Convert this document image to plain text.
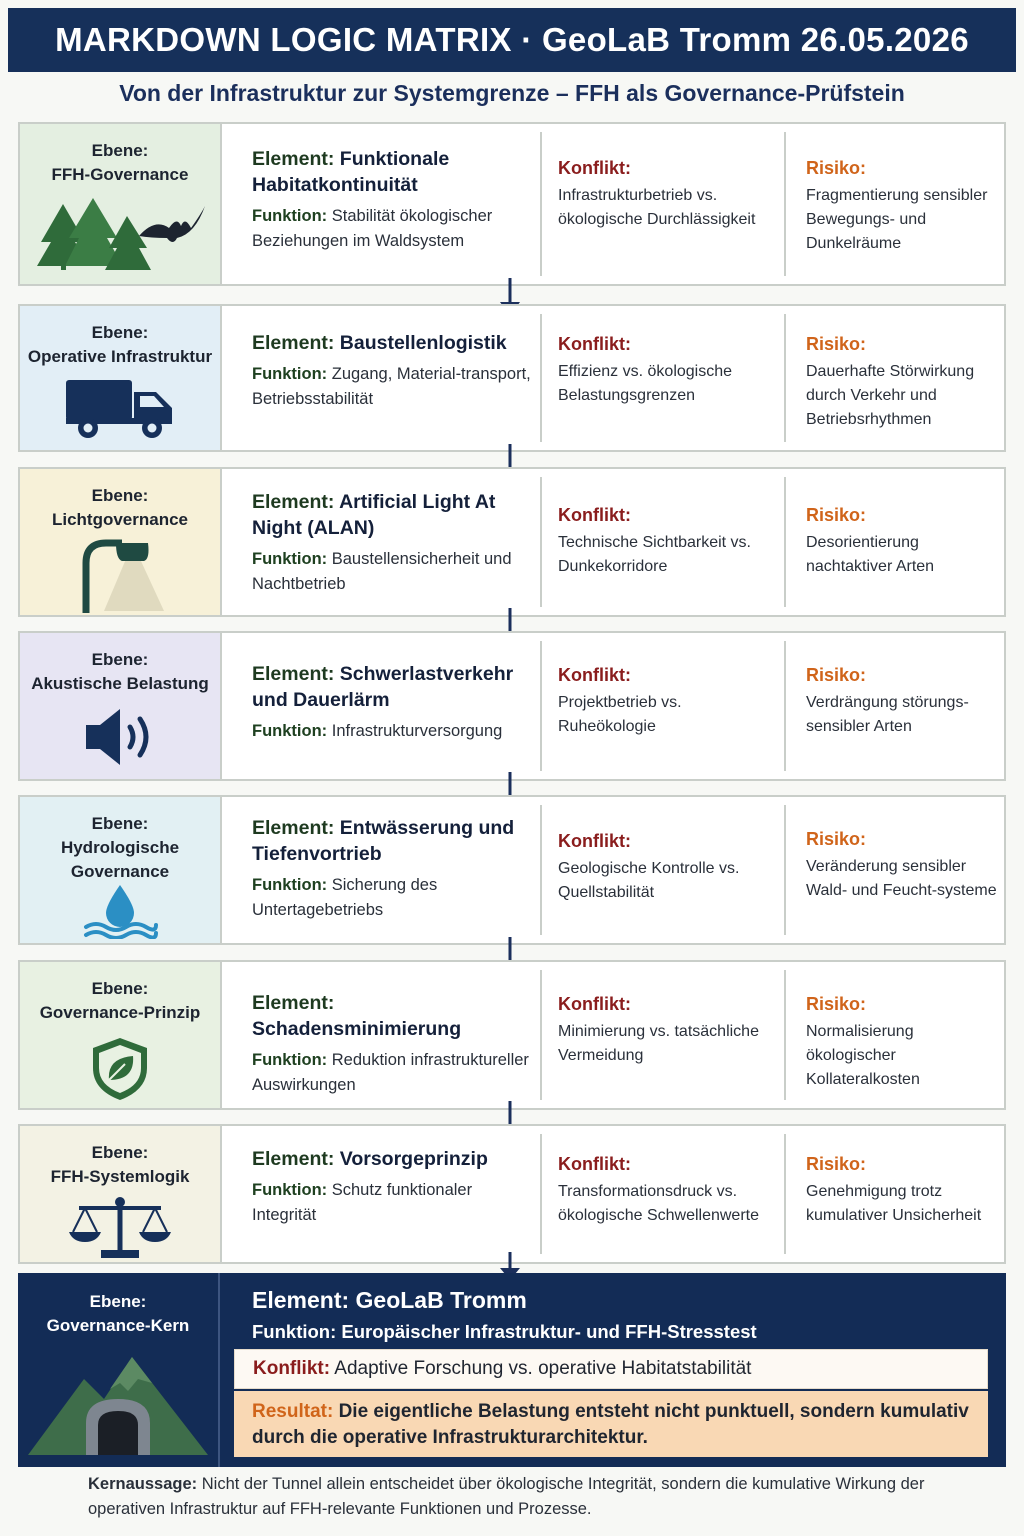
MARKDOWN LOGIC MATRIX · GeoLaB Tromm 26.05.2026
Von der Infrastruktur zur Systemgrenze – FFH als Governance-Prüfstein
Ebene:
FFH-Governance
Element: Funktionale Habitatkontinuität
Funktion: Stabilität ökologischer Beziehungen im Waldsystem
Konflikt:
Infrastrukturbetrieb vs. ökologische Durchlässigkeit
Risiko:
Fragmentierung sensibler Bewegungs- und Dunkelräume
Ebene:
Operative Infrastruktur
Element: Baustellenlogistik
Funktion: Zugang, Material-transport, Betriebsstabilität
Konflikt:
Effizienz vs. ökologische Belastungsgrenzen
Risiko:
Dauerhafte Störwirkung durch Verkehr und Betriebsrhythmen
Ebene:
Lichtgovernance
Element: Artificial Light At Night (ALAN)
Funktion: Baustellensicherheit und Nachtbetrieb
Konflikt:
Technische Sichtbarkeit vs. Dunkekorridore
Risiko:
Desorientierung nachtaktiver Arten
Ebene:
Akustische Belastung	Element: Schwerlastverkehr und Dauerlärm
Funktion: Infrastrukturversorgung
Konflikt:
Projektbetrieb vs. Ruheökologie
Risiko:
Verdrängung störungs-sensibler Arten
Ebene:
Hydrologische Governance
Element: Entwässerung und Tiefenvortrieb
Funktion: Sicherung des Untertagebetriebs
Konflikt:
Geologische Kontrolle vs. Quellstabilität
Risiko:
Veränderung sensibler Wald- und Feucht-systeme
Ebene:
Governance-Prinzip	Element: Schadensminimierung
Funktion: Reduktion infrastruktureller Auswirkungen
Konflikt:
Minimierung vs. tatsächliche Vermeidung
Risiko:
Normalisierung ökologischer Kollateralkosten
Ebene:
FFH-Systemlogik
Element: Vorsorgeprinzip
Funktion: Schutz funktionaler Integrität
Konflikt:
Transformationsdruck vs. ökologische Schwellenwerte
Risiko:
Genehmigung trotz kumulativer Unsicherheit
Ebene:
Governance-Kern
Element: GeoLaB Tromm
Funktion: Europäischer Infrastruktur- und FFH-Stresstest
Konflikt: Adaptive Forschung vs. operative Habitatstabilität
Resultat: Die eigentliche Belastung entsteht nicht punktuell, sondern kumulativ durch die operative Infrastrukturarchitektur.
Kernaussage: Nicht der Tunnel allein entscheidet über ökologische Integrität, sondern die kumulative Wirkung der operativen Infrastruktur auf FFH-relevante Funktionen und Prozesse.
